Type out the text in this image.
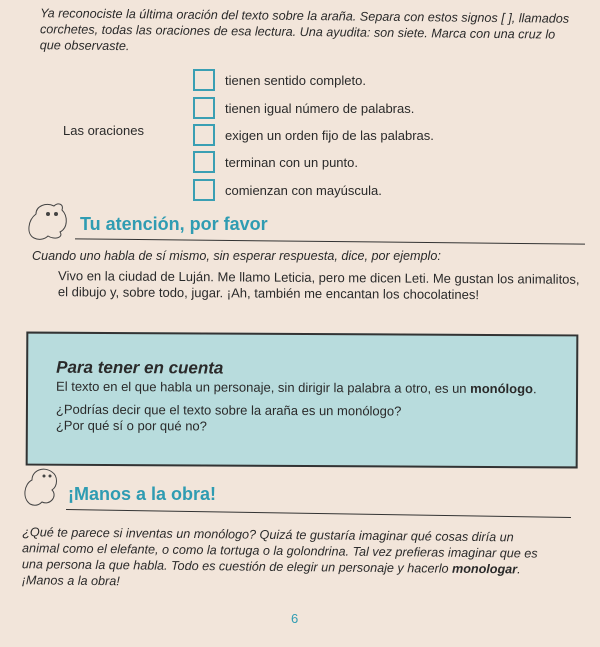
Ya reconociste la última oración del texto sobre la araña. Separa con estos signos [ ], llamados corchetes, todas las oraciones de esa lectura. Una ayudita: son siete. Marca con una cruz lo que observaste.
Las oraciones
tienen sentido completo.
tienen igual número de palabras.
exigen un orden fijo de las palabras.
terminan con un punto.
comienzan con mayúscula.
Tu atención, por favor
Cuando uno habla de sí mismo, sin esperar respuesta, dice, por ejemplo:
Vivo en la ciudad de Luján. Me llamo Leticia, pero me dicen Leti. Me gustan los animalitos, el dibujo y, sobre todo, jugar. ¡Ah, también me encantan los chocolatines!
Para tener en cuenta
El texto en el que habla un personaje, sin dirigir la palabra a otro, es un monólogo.
¿Podrías decir que el texto sobre la araña es un monólogo?
¿Por qué sí o por qué no?
¡Manos a la obra!
¿Qué te parece si inventas un monólogo? Quizá te gustaría imaginar qué cosas diría un animal como el elefante, o como la tortuga o la golondrina. Tal vez prefieras imaginar que es una persona la que habla. Todo es cuestión de elegir un personaje y hacerlo monologar. ¡Manos a la obra!
6
